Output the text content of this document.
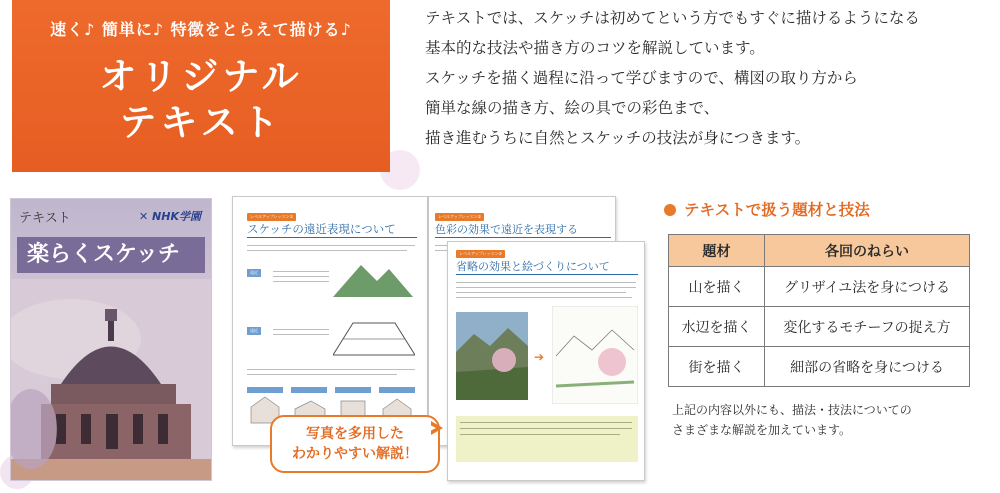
速く♪ 簡単に♪ 特徴をとらえて描ける♪
オリジナル
テキスト

テキストでは、スケッチは初めてという方でもすぐに描けるようになる

基本的な技法や描き方のコツを解説しています。

スケッチを描く過程に沿って学びますので、構図の取り方から

簡単な線の描き方、絵の具での彩色まで、

描き進むうちに自然とスケッチの技法が身につきます。

テキスト	✕ NHK学園
楽らくスケッチ
レベルアップレッスン①
スケッチの遠近表現について
遠近
遠近
レベルアップレッスン②
色彩の効果で遠近を表現する
レベルアップレッスン③
省略の効果と絵づくりについて
➔
写真を多用した
わかりやすい解説！
テキストで扱う題材と技法
題材	各回のねらい
山を描く	グリザイユ法を身につける
水辺を描く	変化するモチーフの捉え方
街を描く	細部の省略を身につける
上記の内容以外にも、描法・技法についての
さまざまな解説を加えています。
